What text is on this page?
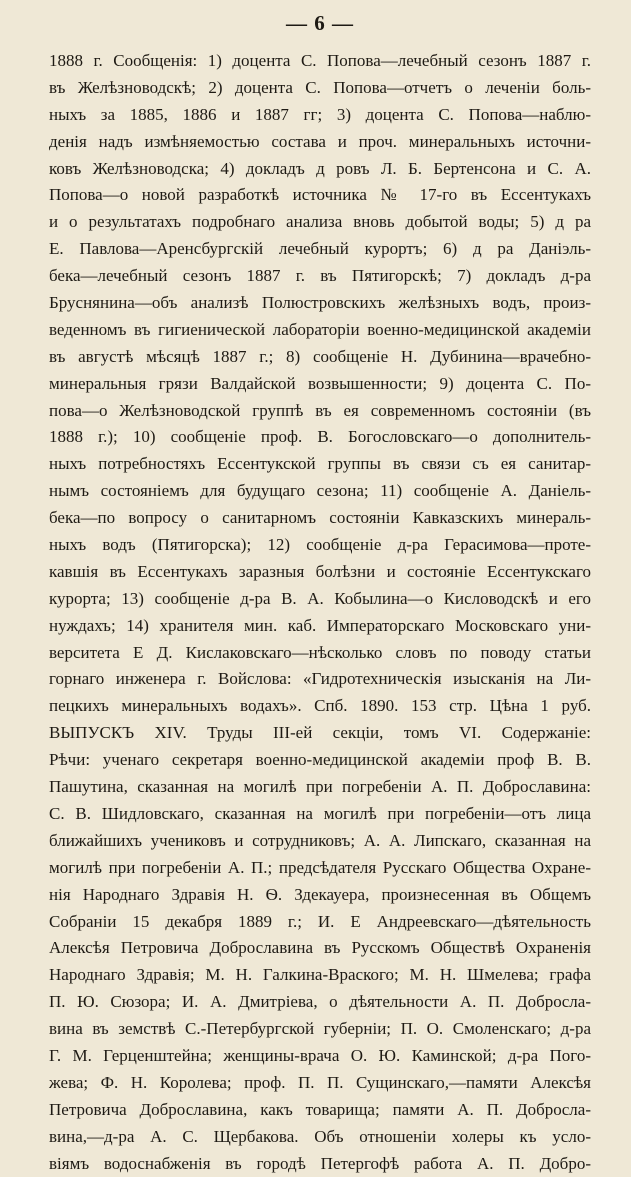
— 6 —
1888 г. Сообщенія: 1) доцента С. Попова—лечебный сезонъ 1887 г.
въ Желѣзноводскѣ; 2) доцента С. Попова—отчетъ о леченіи боль-
ныхъ за 1885, 1886 и 1887 гг; 3) доцента С. Попова—наблю-
денія надъ измѣняемостью состава и проч. минеральныхъ источни-
ковъ Желѣзноводска; 4) докладъ д ровъ Л. Б. Бертенсона и С. А.
Попова—о новой разработкѣ источника № 17-го въ Ессентукахъ
и о результатахъ подробнаго анализа вновь добытой воды; 5) д ра
Е. Павлова—Аренсбургскій лечебный курортъ; 6) д ра Даніэль-
бека—лечебный сезонъ 1887 г. въ Пятигорскѣ; 7) докладъ д-ра
Бруснянина—объ анализѣ Полюстровскихъ желѣзныхъ водъ, произ-
веденномъ въ гигиенической лабораторіи военно-медицинской академіи
въ августѣ мѣсяцѣ 1887 г.; 8) сообщеніе Н. Дубинина—врачебно-
минеральныя грязи Валдайской возвышенности; 9) доцента С. По-
пова—о Желѣзноводской группѣ въ ея современномъ состояніи (въ
1888 г.); 10) сообщеніе проф. В. Богословскаго—о дополнитель-
ныхъ потребностяхъ Ессентукской группы въ связи съ ея санитар-
нымъ состояніемъ для будущаго сезона; 11) сообщеніе А. Даніель-
бека—по вопросу о санитарномъ состояніи Кавказскихъ минераль-
ныхъ водъ (Пятигорска); 12) сообщеніе д-ра Герасимова—проте-
кавшія въ Ессентукахъ заразныя болѣзни и состояніе Ессентукскаго
курорта; 13) сообщеніе д-ра В. А. Кобылина—о Кисловодскѣ и его
нуждахъ; 14) хранителя мин. каб. Императорскаго Московскаго уни-
верситета Е Д. Кислаковскаго—нѣсколько словъ по поводу статьи
горнаго инженера г. Войслова: «Гидротехническія изысканія на Ли-
пецкихъ минеральныхъ водахъ». Спб. 1890. 153 стр. Цѣна 1 руб.
ВЫПУСКЪ XIV. Труды III-ей секціи, томъ VI. Содержаніе:
Рѣчи: ученаго секретаря военно-медицинской академіи проф В. В.
Пашутина, сказанная на могилѣ при погребеніи А. П. Доброславина:
С. В. Шидловскаго, сказанная на могилѣ при погребеніи—отъ лица
ближайшихъ учениковъ и сотрудниковъ; А. А. Липскаго, сказанная на
могилѣ при погребеніи А. П.; предсѣдателя Русскаго Общества Охране-
нія Народнаго Здравія Н. Ѳ. Здекауера, произнесенная въ Общемъ
Собраніи 15 декабря 1889 г.; И. Е Андреевскаго—дѣятельность
Алексѣя Петровича Доброславина въ Русскомъ Обществѣ Охраненія
Народнаго Здравія; М. Н. Галкина-Враского; М. Н. Шмелева; графа
П. Ю. Сюзора; И. А. Дмитріева, о дѣятельности А. П. Доброcла-
вина въ земствѣ С.-Петербургской губерніи; П. О. Смоленскаго; д-ра
Г. М. Герценштейна; женщины-врача О. Ю. Каминской; д-ра Пого-
жева; Ф. Н. Королева; проф. П. П. Сущинскаго,—памяти Алексѣя
Петровича Доброславина, какъ товарища; памяти А. П. Доброcла-
вина,—д-ра А. С. Щербакова. Объ отношеніи холеры къ усло-
віямъ водоснабженія въ городѣ Петергофѣ работа А. П. Добро-
